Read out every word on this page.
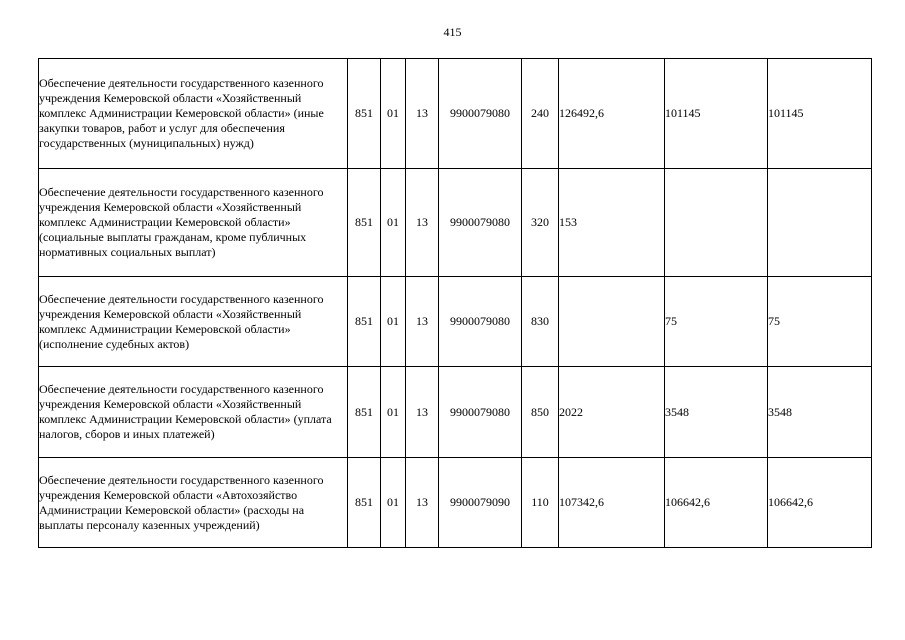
415
Обеспечение деятельности государственного казенного учреждения Кемеровской области «Хозяйственный комплекс Администрации Кемеровской области» (иные закупки товаров, работ и услуг для обеспечения государственных (муниципальных) нужд)	851	01	13	9900079080	240	126492,6	101145	101145
Обеспечение деятельности государственного казенного учреждения Кемеровской области «Хозяйственный комплекс Администрации Кемеровской области» (социальные выплаты гражданам, кроме публичных нормативных социальных выплат)	851	01	13	9900079080	320	153		
Обеспечение деятельности государственного казенного учреждения Кемеровской области «Хозяйственный комплекс Администрации Кемеровской области» (исполнение судебных актов)	851	01	13	9900079080	830		75	75
Обеспечение деятельности государственного казенного учреждения Кемеровской области «Хозяйственный комплекс Администрации Кемеровской области» (уплата налогов, сборов и иных платежей)	851	01	13	9900079080	850	2022	3548	3548
Обеспечение деятельности государственного казенного учреждения Кемеровской области «Автохозяйство Администрации Кемеровской области» (расходы на выплаты персоналу казенных учреждений)	851	01	13	9900079090	110	107342,6	106642,6	106642,6
